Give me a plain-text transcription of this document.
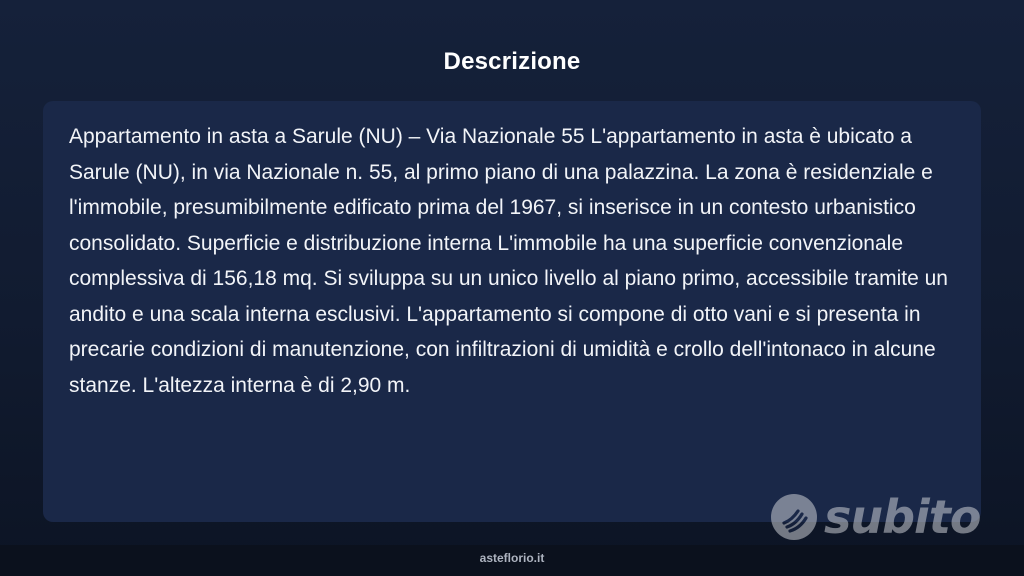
Descrizione

Appartamento in asta a Sarule (NU) – Via Nazionale 55 L'appartamento in asta è ubicato a Sarule (NU), in via Nazionale n. 55, al primo piano di una palazzina. La zona è residenziale e l'immobile, presumibilmente edificato prima del 1967, si inserisce in un contesto urbanistico consolidato. Superficie e distribuzione interna L'immobile ha una superficie convenzionale complessiva di 156,18 mq. Si sviluppa su un unico livello al piano primo, accessibile tramite un andito e una scala interna esclusivi. L'appartamento si compone di otto vani e si presenta in precarie condizioni di manutenzione, con infiltrazioni di umidità e crollo dell'intonaco in alcune stanze. L'altezza interna è di 2,90 m.

subito
asteflorio.it
